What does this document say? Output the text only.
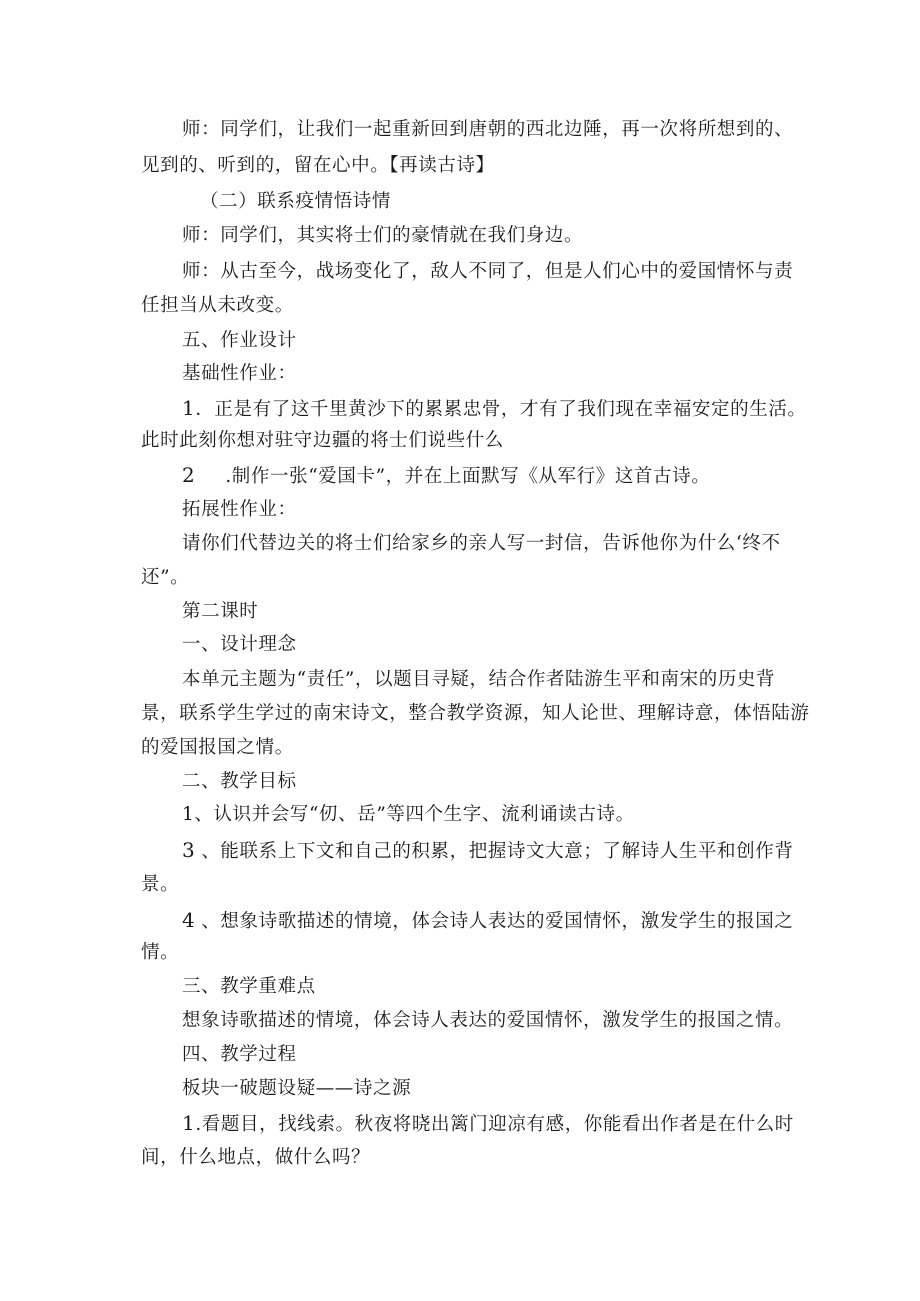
师：同学们，让我们一起重新回到唐朝的西北边陲，再一次将所想到的、
见到的、听到的，留在心中。【再读古诗】
（二）联系疫情悟诗情
师：同学们，其实将士们的豪情就在我们身边。
师：从古至今，战场变化了，敌人不同了，但是人们心中的爱国情怀与责
任担当从未改变。
五、作业设计
基础性作业：
1．正是有了这千里黄沙下的累累忠骨，才有了我们现在幸福安定的生活。
此时此刻你想对驻守边疆的将士们说些什么
2 .制作一张“爱国卡”，并在上面默写《从军行》这首古诗。
拓展性作业：
请你们代替边关的将士们给家乡的亲人写一封信，告诉他你为什么‘终不
还”。
第二课时
一、设计理念
本单元主题为“责任”，以题目寻疑，结合作者陆游生平和南宋的历史背
景，联系学生学过的南宋诗文，整合教学资源，知人论世、理解诗意，体悟陆游
的爱国报国之情。
二、教学目标
1、认识并会写“仞、岳”等四个生字、流利诵读古诗。
3 、能联系上下文和自己的积累，把握诗文大意；了解诗人生平和创作背
景。
4 、想象诗歌描述的情境，体会诗人表达的爱国情怀，激发学生的报国之
情。
三、教学重难点
想象诗歌描述的情境，体会诗人表达的爱国情怀，激发学生的报国之情。
四、教学过程
板块一破题设疑——诗之源
1.看题目，找线索。秋夜将晓出篱门迎凉有感，你能看出作者是在什么时
间，什么地点，做什么吗？
